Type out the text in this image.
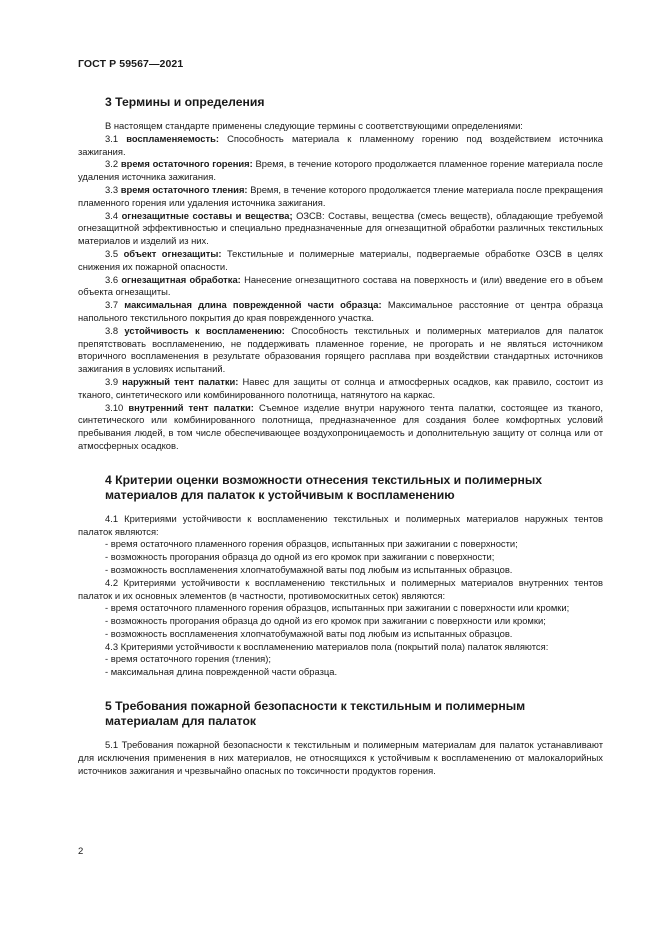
ГОСТ Р 59567—2021
3 Термины и определения

В настоящем стандарте применены следующие термины с соответствующими определениями:

3.1 воспламеняемость: Способность материала к пламенному горению под воздействием источника зажигания.

3.2 время остаточного горения: Время, в течение которого продолжается пламенное горение материала после удаления источника зажигания.

3.3 время остаточного тления: Время, в течение которого продолжается тление материала после прекращения пламенного горения или удаления источника зажигания.

3.4 огнезащитные составы и вещества; ОЗСВ: Составы, вещества (смесь веществ), обладающие требуемой огнезащитной эффективностью и специально предназначенные для огнезащитной обработки различных текстильных материалов и изделий из них.

3.5 объект огнезащиты: Текстильные и полимерные материалы, подвергаемые обработке ОЗСВ в целях снижения их пожарной опасности.

3.6 огнезащитная обработка: Нанесение огнезащитного состава на поверхность и (или) введение его в объем объекта огнезащиты.

3.7 максимальная длина поврежденной части образца: Максимальное расстояние от центра образца напольного текстильного покрытия до края поврежденного участка.

3.8 устойчивость к воспламенению: Способность текстильных и полимерных материалов для палаток препятствовать воспламенению, не поддерживать пламенное горение, не прогорать и не являться источником вторичного воспламенения в результате образования горящего расплава при воздействии стандартных источников зажигания в условиях испытаний.

3.9 наружный тент палатки: Навес для защиты от солнца и атмосферных осадков, как правило, состоит из тканого, синтетического или комбинированного полотнища, натянутого на каркас.

3.10 внутренний тент палатки: Съемное изделие внутри наружного тента палатки, состоящее из тканого, синтетического или комбинированного полотнища, предназначенное для создания более комфортных условий пребывания людей, в том числе обеспечивающее воздухопроницаемость и дополнительную защиту от солнца или от атмосферных осадков.

4 Критерии оценки возможности отнесения текстильных и полимерных
материалов для палаток к устойчивым к воспламенению

4.1 Критериями устойчивости к воспламенению текстильных и полимерных материалов наружных тентов палаток являются:

- время остаточного пламенного горения образцов, испытанных при зажигании с поверхности;

- возможность прогорания образца до одной из его кромок при зажигании с поверхности;

- возможность воспламенения хлопчатобумажной ваты под любым из испытанных образцов.

4.2 Критериями устойчивости к воспламенению текстильных и полимерных материалов внутренних тентов палаток и их основных элементов (в частности, противомоскитных сеток) являются:

- время остаточного пламенного горения образцов, испытанных при зажигании с поверхности или кромки;

- возможность прогорания образца до одной из его кромок при зажигании с поверхности или кромки;

- возможность воспламенения хлопчатобумажной ваты под любым из испытанных образцов.

4.3 Критериями устойчивости к воспламенению материалов пола (покрытий пола) палаток являются:

- время остаточного горения (тления);

- максимальная длина поврежденной части образца.

5 Требования пожарной безопасности к текстильным и полимерным
материалам для палаток

5.1 Требования пожарной безопасности к текстильным и полимерным материалам для палаток устанавливают для исключения применения в них материалов, не относящихся к устойчивым к воспламенению от малокалорийных источников зажигания и чрезвычайно опасных по токсичности продуктов горения.

2
